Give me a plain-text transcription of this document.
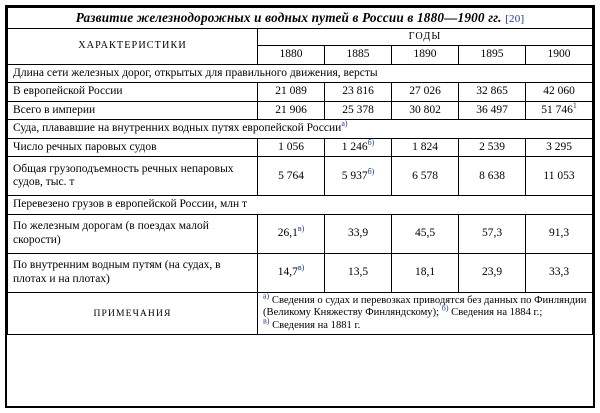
Развитие железнодорожных и водных путей в России в 1880—1900 гг. [20]					
ХАРАКТЕРИСТИКИ	ГОДЫ				
	1880	1885	1890	1895	1900
Длина сети железных дорог, открытых для правильного движения, версты					
В европейской России	21 089	23 816	27 026	32 865	42 060
Всего в империи	21 906	25 378	30 802	36 497	51 $746^1$
Суда, плававшие на внутренних водных путях европейской России$^{а)}$
Число речных паровых судов	1 056	1 $246^{б)}$	1 824	2 539	3 295
Общая грузоподъемность речных непаровых судов, тыс. т	5 764	5 $937^{б)}$	6 578	8 638	11 053
Перевезено грузов в европейской России, млн т					
По железным дорогам (в поездах малой скорости)	$26,1^{в)}$	33,9	45,5	57,3	91,3
По внутренним водным путям (на судах, в плотах и на плотах)	$14,7^{в)}$	13,5	18,1	23,9	33,3
ПРИМЕЧАНИЯ	$^{а)}$ Сведения о судах и перевозках приводятся без данных по Финляндии
(Великому Княжеству Финляндскому); $^{б)}$ Сведения на 1884 г.;
$^{в)}$ Сведения на 1881 г.				
